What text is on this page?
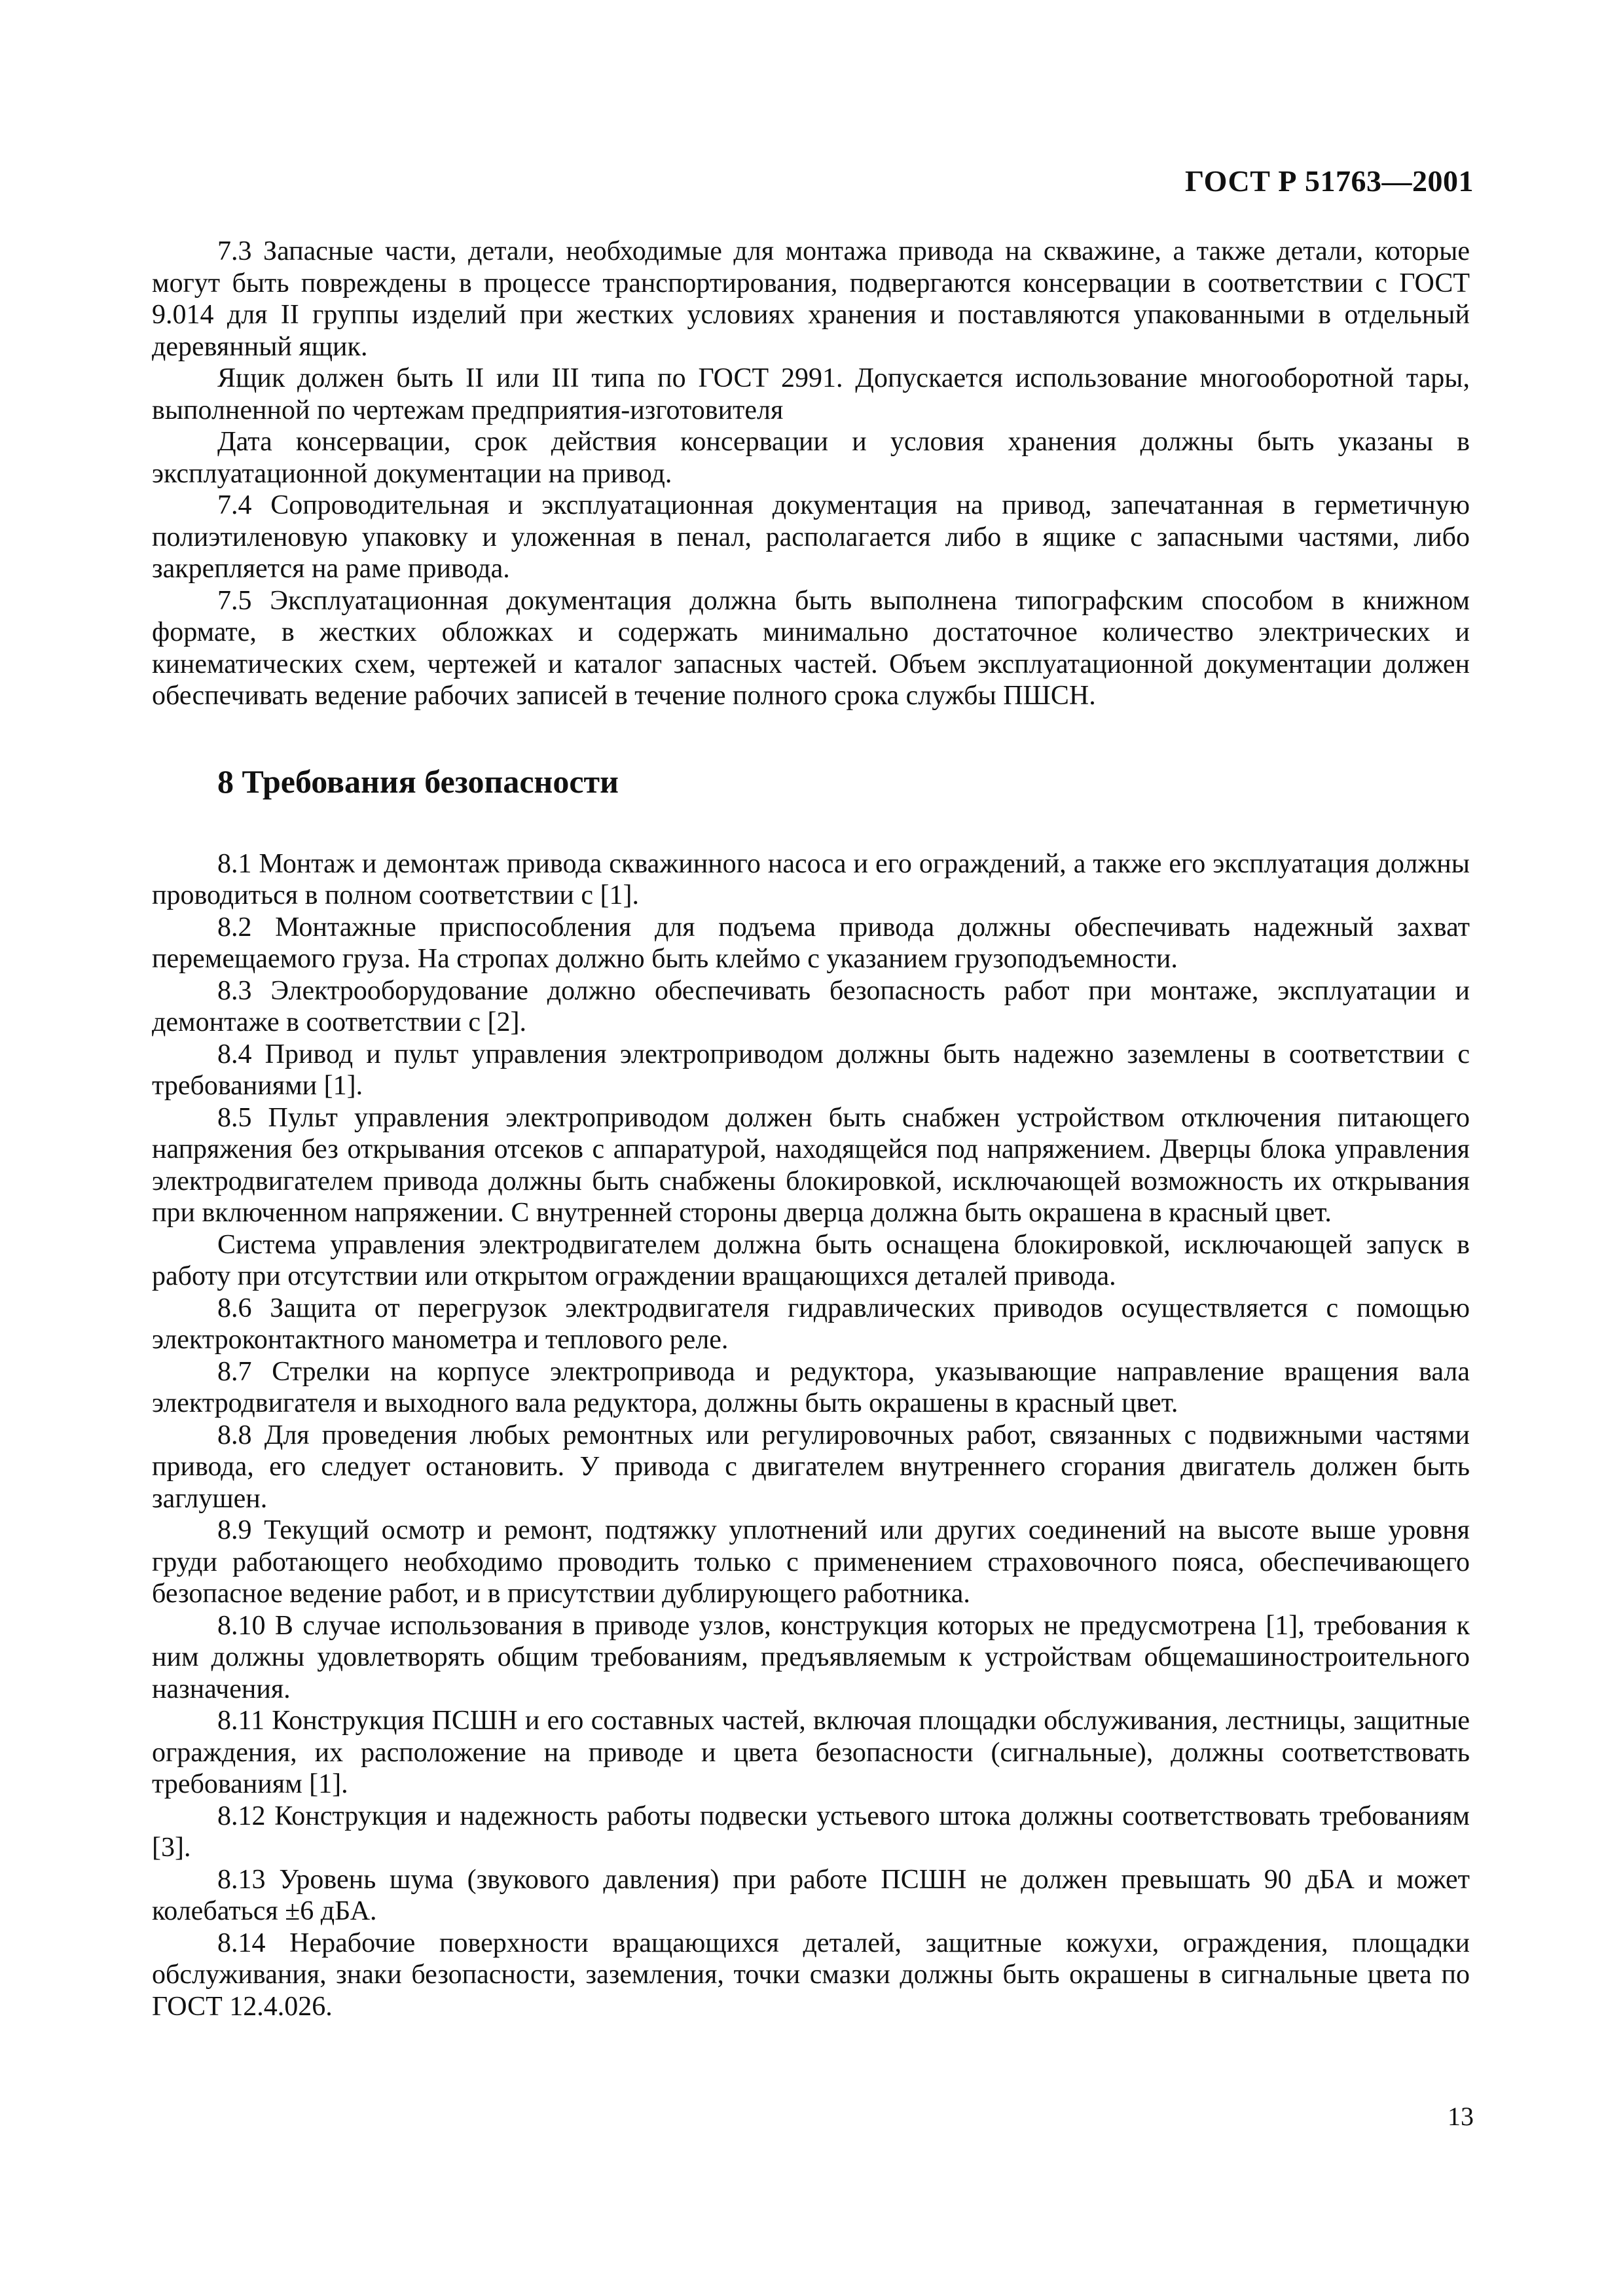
ГОСТ Р 51763—2001

7.3 Запасные части, детали, необходимые для монтажа привода на скважине, а также детали, которые могут быть повреждены в процессе транспортирования, подвергаются консервации в соответствии с ГОСТ 9.014 для II группы изделий при жестких условиях хранения и поставляются упакованными в отдельный деревянный ящик.

Ящик должен быть II или III типа по ГОСТ 2991. Допускается использование многооборотной тары, выполненной по чертежам предприятия-изготовителя

Дата консервации, срок действия консервации и условия хранения должны быть указаны в эксплуатационной документации на привод.

7.4 Сопроводительная и эксплуатационная документация на привод, запечатанная в герметичную полиэтиленовую упаковку и уложенная в пенал, располагается либо в ящике с запасными частями, либо закрепляется на раме привода.

7.5 Эксплуатационная документация должна быть выполнена типографским способом в книжном формате, в жестких обложках и содержать минимально достаточное количество электрических и кинематических схем, чертежей и каталог запасных частей. Объем эксплуатационной документации должен обеспечивать ведение рабочих записей в течение полного срока службы ПШСН.

8 Требования безопасности

8.1 Монтаж и демонтаж привода скважинного насоса и его ограждений, а также его эксплуатация должны проводиться в полном соответствии с [1].

8.2 Монтажные приспособления для подъема привода должны обеспечивать надежный захват перемещаемого груза. На стропах должно быть клеймо с указанием грузоподъемности.

8.3 Электрооборудование должно обеспечивать безопасность работ при монтаже, эксплуатации и демонтаже в соответствии с [2].

8.4 Привод и пульт управления электроприводом должны быть надежно заземлены в соответствии с требованиями [1].

8.5 Пульт управления электроприводом должен быть снабжен устройством отключения питающего напряжения без открывания отсеков с аппаратурой, находящейся под напряжением. Дверцы блока управления электродвигателем привода должны быть снабжены блокировкой, исключающей возможность их открывания при включенном напряжении. С внутренней стороны дверца должна быть окрашена в красный цвет.

Система управления электродвигателем должна быть оснащена блокировкой, исключающей запуск в работу при отсутствии или открытом ограждении вращающихся деталей привода.

8.6 Защита от перегрузок электродвигателя гидравлических приводов осуществляется с помощью электроконтактного манометра и теплового реле.

8.7 Стрелки на корпусе электропривода и редуктора, указывающие направление вращения вала электродвигателя и выходного вала редуктора, должны быть окрашены в красный цвет.

8.8 Для проведения любых ремонтных или регулировочных работ, связанных с подвижными частями привода, его следует остановить. У привода с двигателем внутреннего сгорания двигатель должен быть заглушен.

8.9 Текущий осмотр и ремонт, подтяжку уплотнений или других соединений на высоте выше уровня груди работающего необходимо проводить только с применением страховочного пояса, обеспечивающего безопасное ведение работ, и в присутствии дублирующего работника.

8.10 В случае использования в приводе узлов, конструкция которых не предусмотрена [1], требования к ним должны удовлетворять общим требованиям, предъявляемым к устройствам общемашиностроительного назначения.

8.11 Конструкция ПСШН и его составных частей, включая площадки обслуживания, лестницы, защитные ограждения, их расположение на приводе и цвета безопасности (сигнальные), должны соответствовать требованиям [1].

8.12 Конструкция и надежность работы подвески устьевого штока должны соответствовать требованиям [3].

8.13 Уровень шума (звукового давления) при работе ПСШН не должен превышать 90 дБА и может колебаться ±6 дБА.

8.14 Нерабочие поверхности вращающихся деталей, защитные кожухи, ограждения, площадки обслуживания, знаки безопасности, заземления, точки смазки должны быть окрашены в сигнальные цвета по ГОСТ 12.4.026.

13
